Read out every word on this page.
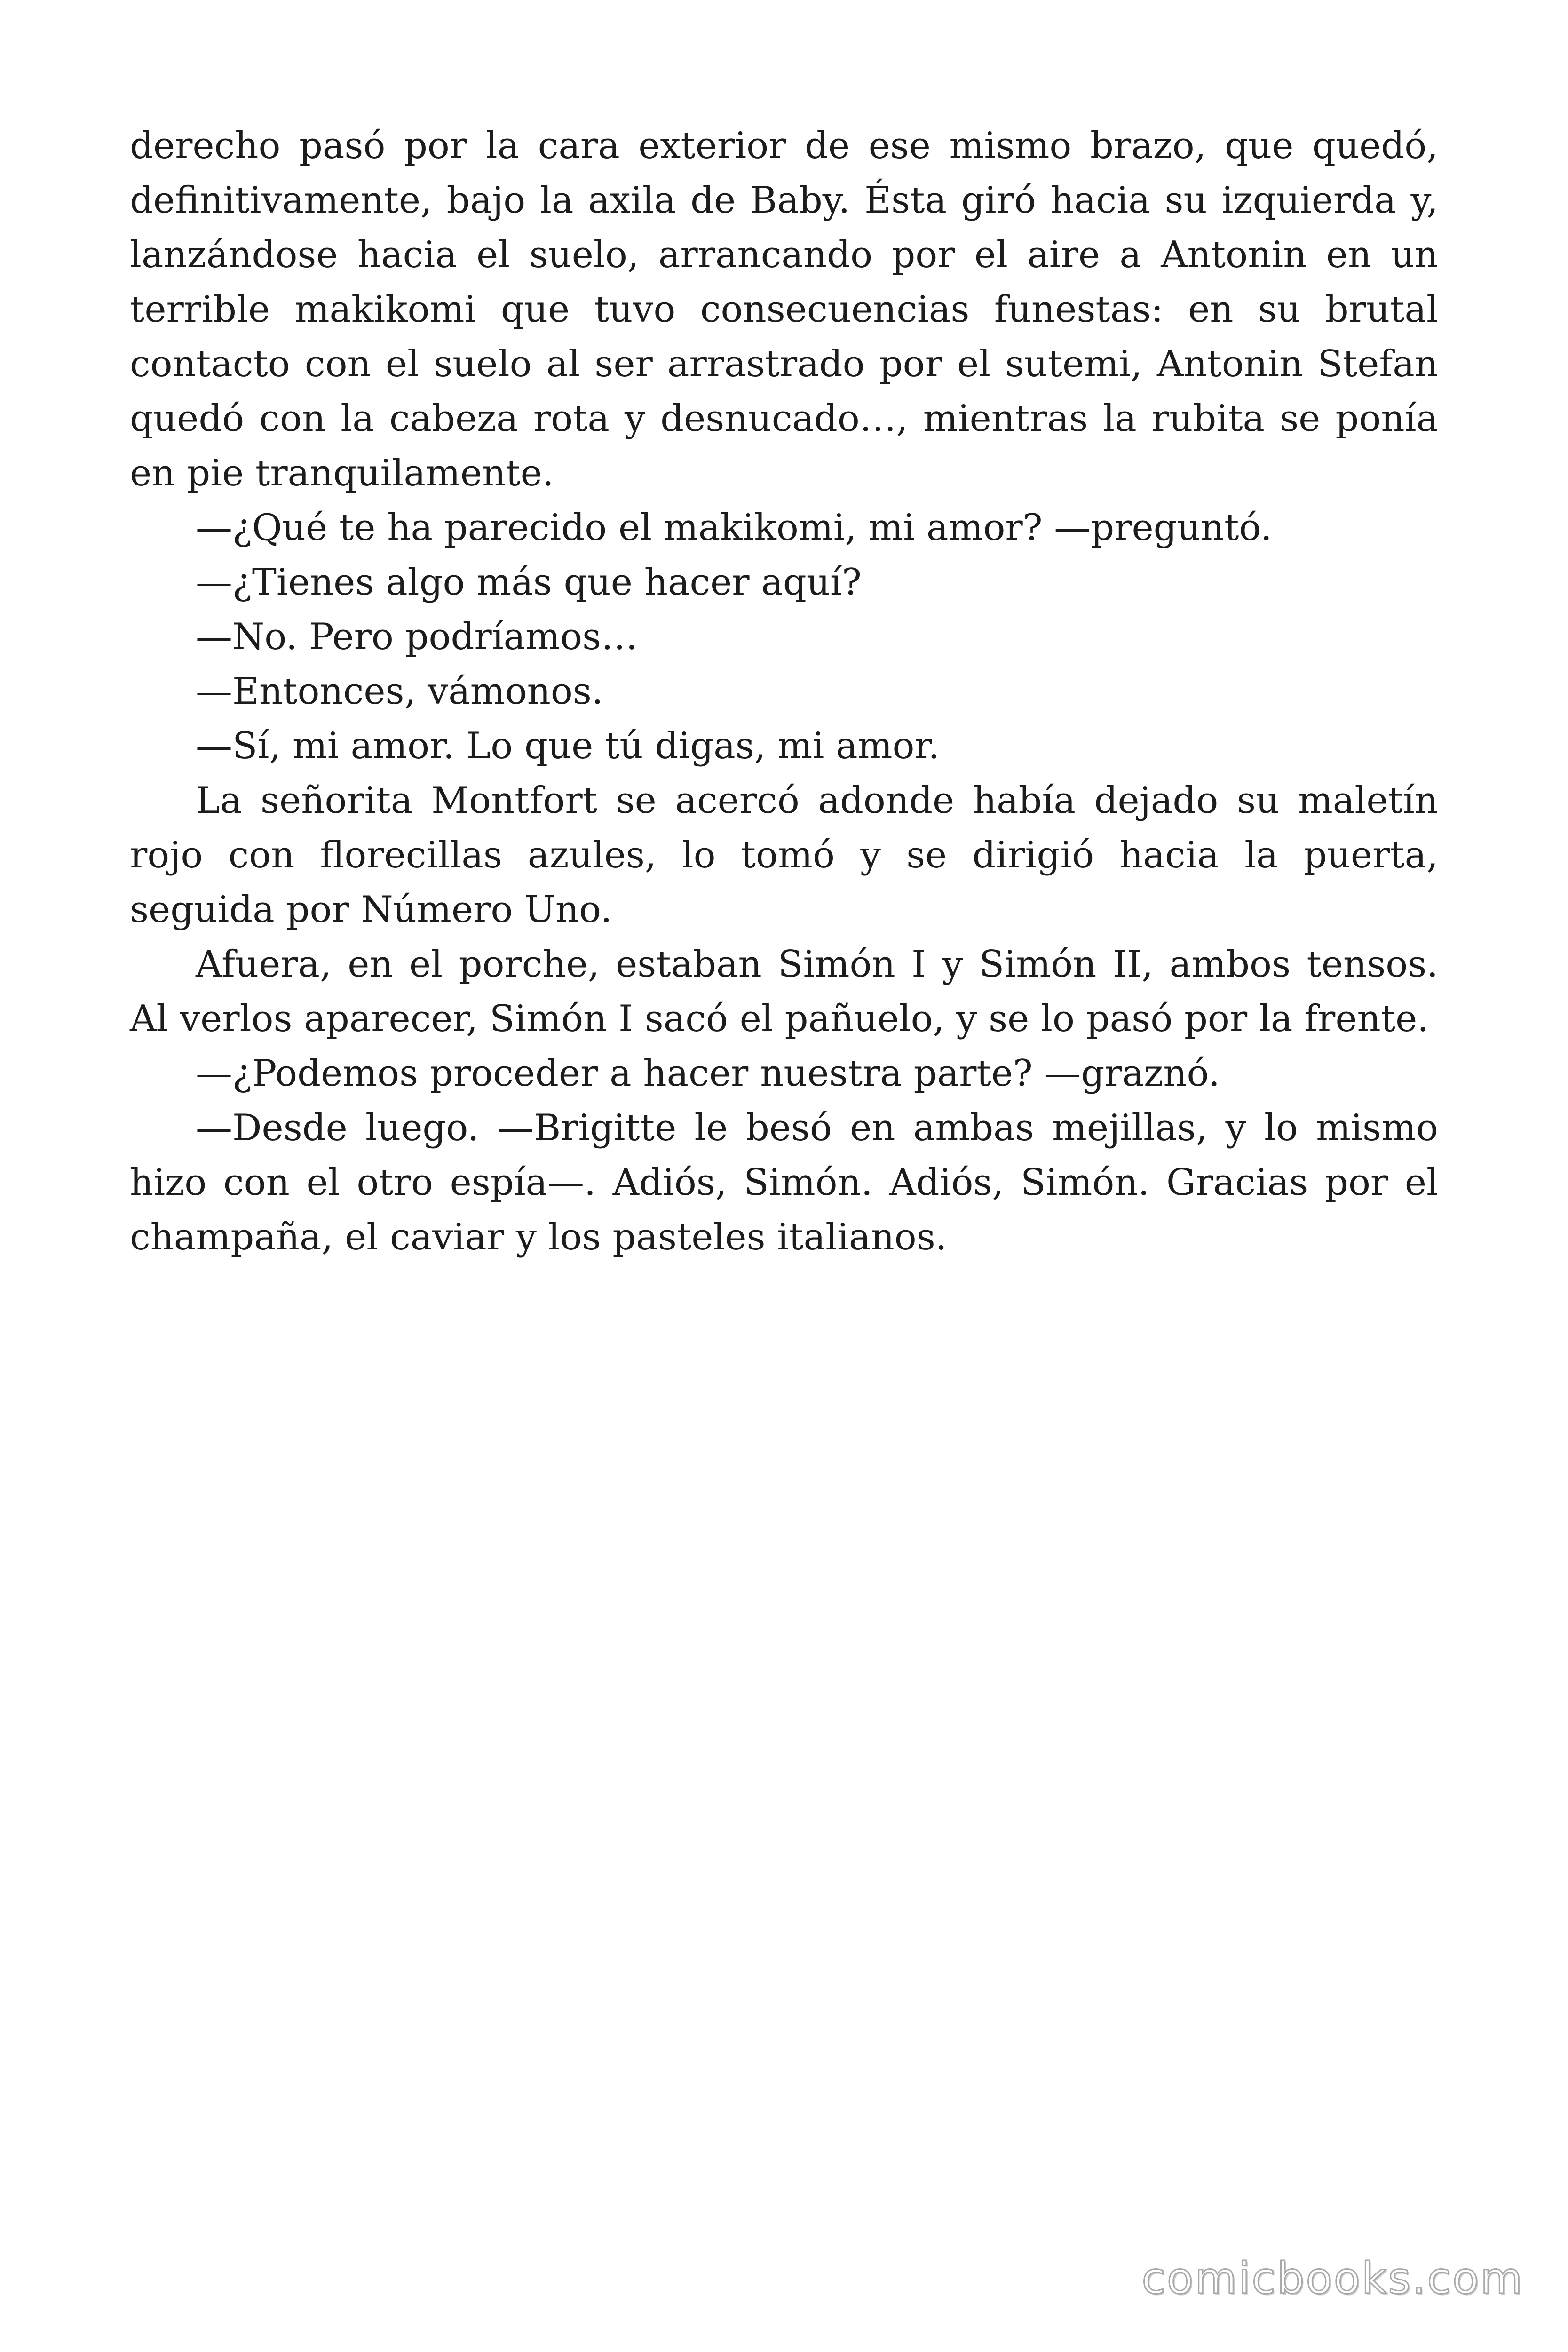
derecho pasó por la cara exterior de ese mismo brazo, que quedó, definitivamente, bajo la axila de Baby. Ésta giró hacia su izquierda y, lanzándose hacia el suelo, arrancando por el aire a Antonin en un terrible makikomi que tuvo consecuencias funestas: en su brutal contacto con el suelo al ser arrastrado por el sutemi, Antonin Stefan quedó con la cabeza rota y desnucado…, mientras la rubita se ponía en pie tranquilamente.

—¿Qué te ha parecido el makikomi, mi amor? —preguntó.

—¿Tienes algo más que hacer aquí?

—No. Pero podríamos…

—Entonces, vámonos.

—Sí, mi amor. Lo que tú digas, mi amor.

La señorita Montfort se acercó adonde había dejado su maletín rojo con florecillas azules, lo tomó y se dirigió hacia la puerta, seguida por Número Uno.

Afuera, en el porche, estaban Simón I y Simón II, ambos tensos. Al verlos aparecer, Simón I sacó el pañuelo, y se lo pasó por la frente.

—¿Podemos proceder a hacer nuestra parte? —graznó.

—Desde luego. —Brigitte le besó en ambas mejillas, y lo mismo hizo con el otro espía—. Adiós, Simón. Adiós, Simón. Gracias por el champaña, el caviar y los pasteles italianos.

comicbooks.com
